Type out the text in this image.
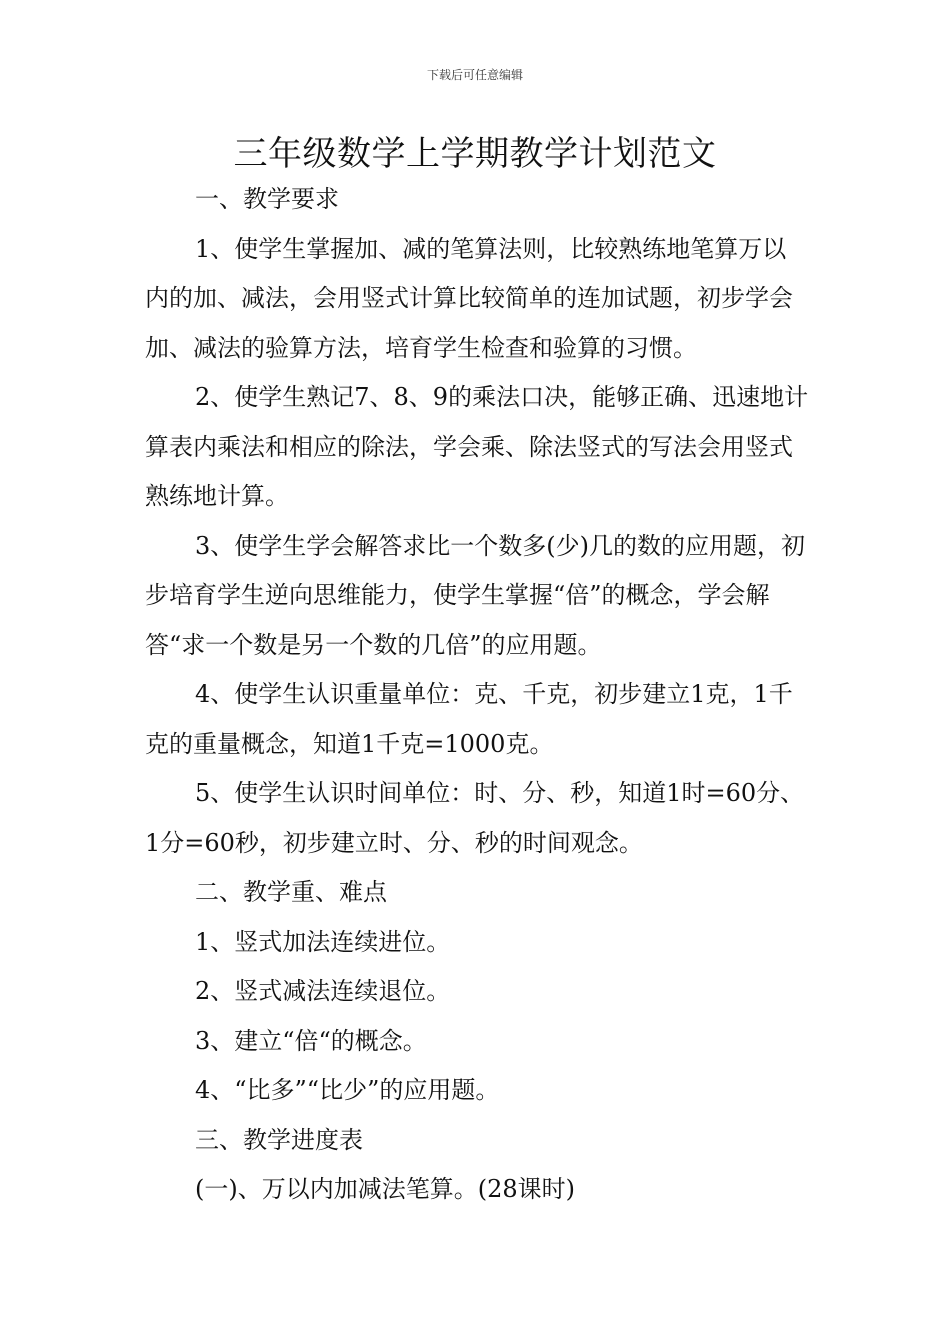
下载后可任意编辑
三年级数学上学期教学计划范文

一、教学要求

1、使学生掌握加、减的笔算法则，比较熟练地笔算万以内的加、减法，会用竖式计算比较简单的连加试题，初步学会加、减法的验算方法，培育学生检查和验算的习惯。

2、使学生熟记7、8、9的乘法口决，能够正确、迅速地计算表内乘法和相应的除法，学会乘、除法竖式的写法会用竖式熟练地计算。

3、使学生学会解答求比一个数多(少)几的数的应用题，初步培育学生逆向思维能力，使学生掌握“倍”的概念，学会解答“求一个数是另一个数的几倍”的应用题。

4、使学生认识重量单位：克、千克，初步建立1克，1千克的重量概念，知道1千克=1000克。

5、使学生认识时间单位：时、分、秒，知道1时=60分、1分=60秒，初步建立时、分、秒的时间观念。

二、教学重、难点

1、竖式加法连续进位。

2、竖式减法连续退位。

3、建立“倍“的概念。

4、“比多”“比少”的应用题。

三、教学进度表

(一)、万以内加减法笔算。(28课时)
